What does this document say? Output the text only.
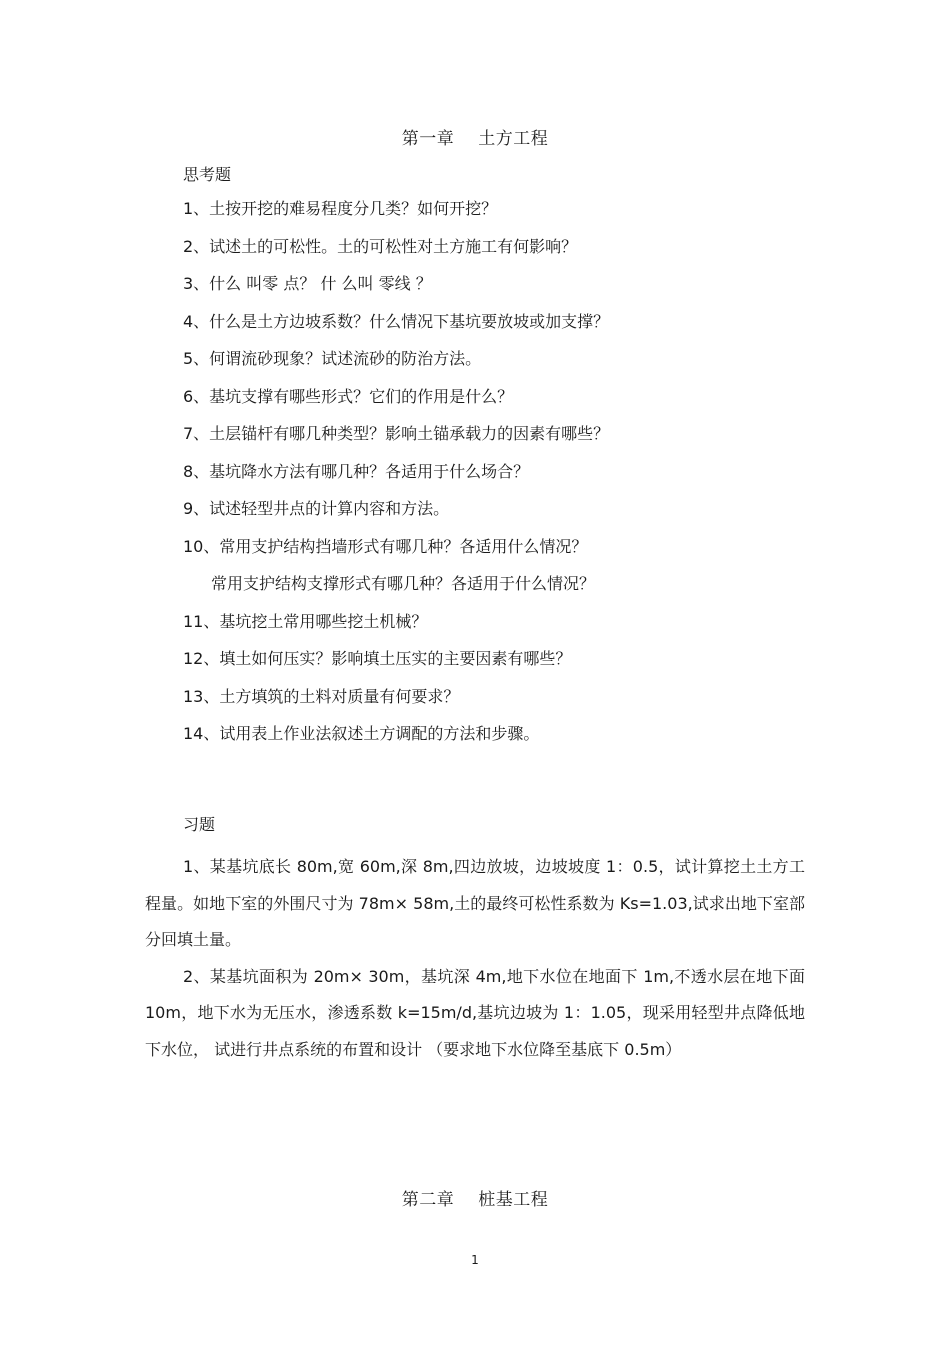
第一章 土方工程
思考题
1、土按开挖的难易程度分几类？如何开挖？
2、试述土的可松性。土的可松性对土方施工有何影响？
3、什么 叫零 点？ 什 么叫 零线 ？
4、什么是土方边坡系数？什么情况下基坑要放坡或加支撑？
5、何谓流砂现象？试述流砂的防治方法。
6、基坑支撑有哪些形式？它们的作用是什么？
7、土层锚杆有哪几种类型？影响土锚承载力的因素有哪些？
8、基坑降水方法有哪几种？各适用于什么场合？
9、试述轻型井点的计算内容和方法。
10、常用支护结构挡墙形式有哪几种？各适用什么情况？
常用支护结构支撑形式有哪几种？各适用于什么情况？
11、基坑挖土常用哪些挖土机械？
12、填土如何压实？影响填土压实的主要因素有哪些？
13、土方填筑的土料对质量有何要求？
14、试用表上作业法叙述土方调配的方法和步骤。
习题

1、某基坑底长 80m,宽 60m,深 8m,四边放坡，边坡坡度 1：0.5，试计算挖土土方工程量。如地下室的外围尺寸为 78m× 58m,土的最终可松性系数为 Ks=1.03,试求出地下室部分回填土量。

2、某基坑面积为 20m× 30m，基坑深 4m,地下水位在地面下 1m,不透水层在地下面 10m，地下水为无压水，渗透系数 k=15m/d,基坑边坡为 1：1.05，现采用轻型井点降低地下水位， 试进行井点系统的布置和设计 （要求地下水位降至基底下 0.5m）

第二章 桩基工程
1
